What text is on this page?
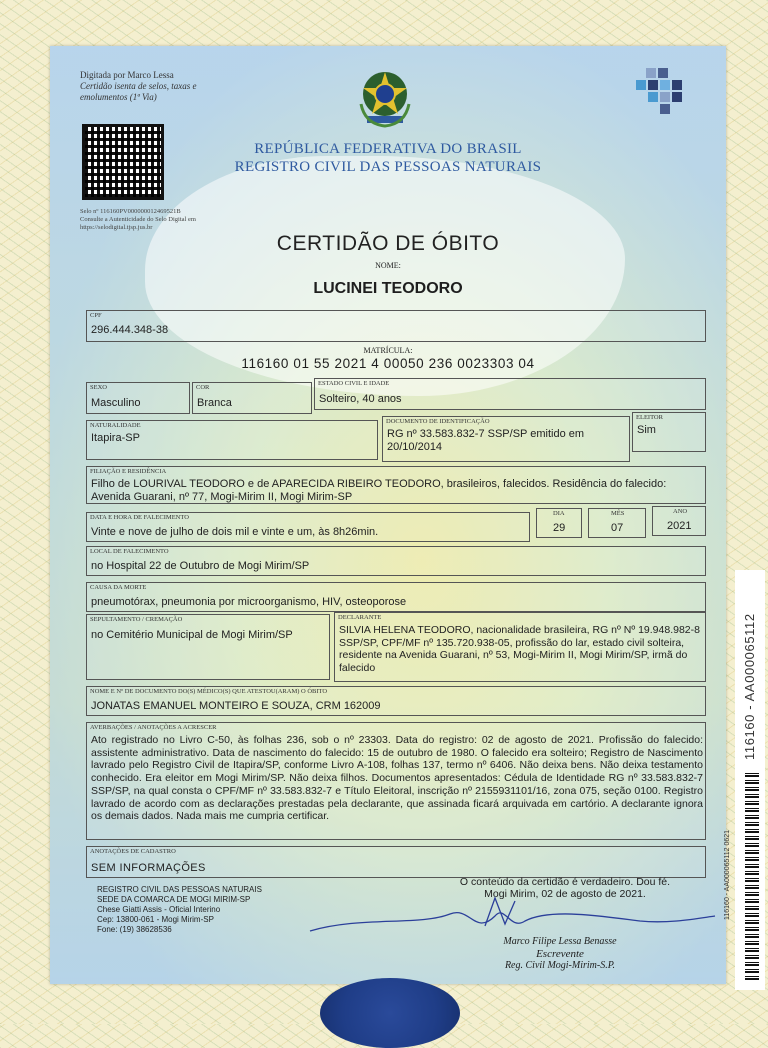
Digitada por Marco Lessa
Certidão isenta de selos, taxas e
emolumentos (1ª Via)
Selo nº 116160PV000000012469521B
Consulte a Autenticidade do Selo Digital em
https://selodigital.tjsp.jus.br
REPÚBLICA FEDERATIVA DO BRASIL
REGISTRO CIVIL DAS PESSOAS NATURAIS
CERTIDÃO DE ÓBITO
NOME:
LUCINEI TEODORO
CPF
296.444.348-38
MATRÍCULA:
116160 01 55 2021 4 00050 236 0023303 04
SEXO
Masculino
COR
Branca
ESTADO CIVIL E IDADE
Solteiro, 40 anos
NATURALIDADE
Itapira-SP
DOCUMENTO DE IDENTIFICAÇÃO
RG nº 33.583.832-7 SSP/SP emitido em 20/10/2014
ELEITOR
Sim
FILIAÇÃO E RESIDÊNCIA
Filho de LOURIVAL TEODORO e de APARECIDA RIBEIRO TEODORO, brasileiros, falecidos. Residência do falecido: Avenida Guarani, nº 77, Mogi-Mirim II, Mogi Mirim-SP
DATA E HORA DE FALECIMENTO
Vinte e nove de julho de dois mil e vinte e um, às 8h26min.
DIA
29
MÊS
07
ANO
2021
LOCAL DE FALECIMENTO
no Hospital 22 de Outubro de Mogi Mirim/SP
CAUSA DA MORTE
pneumotórax, pneumonia por microorganismo, HIV, osteoporose
SEPULTAMENTO / CREMAÇÃO
no Cemitério Municipal de Mogi Mirim/SP
DECLARANTE
SILVIA HELENA TEODORO, nacionalidade brasileira, RG nº Nº 19.948.982-8 SSP/SP, CPF/MF nº 135.720.938-05, profissão do lar, estado civil solteira, residente na Avenida Guarani, nº 53, Mogi-Mirim II, Mogi Mirim/SP, irmã do falecido
NOME E Nº DE DOCUMENTO DO(S) MÉDICO(S) QUE ATESTOU(ARAM) O ÓBITO
JONATAS EMANUEL MONTEIRO E SOUZA, CRM 162009
AVERBAÇÕES / ANOTAÇÕES A ACRESCER
Ato registrado no Livro C-50, às folhas 236, sob o nº 23303. Data do registro: 02 de agosto de 2021. Profissão do falecido: assistente administrativo. Data de nascimento do falecido: 15 de outubro de 1980. O falecido era solteiro; Registro de Nascimento lavrado pelo Registro Civil de Itapira/SP, conforme Livro A-108, folhas 137, termo nº 6406. Não deixa bens. Não deixa testamento conhecido. Era eleitor em Mogi Mirim/SP. Não deixa filhos. Documentos apresentados: Cédula de Identidade RG nº 33.583.832-7 SSP/SP, na qual consta o CPF/MF nº 33.583.832-7 e Título Eleitoral, inscrição nº 2155931101/16, zona 075, seção 0100. Registro lavrado de acordo com as declarações prestadas pela declarante, que assinada ficará arquivada em cartório. A declarante ignora os demais dados. Nada mais me cumpria certificar.
ANOTAÇÕES DE CADASTRO
SEM INFORMAÇÕES
REGISTRO CIVIL DAS PESSOAS NATURAIS
SEDE DA COMARCA DE MOGI MIRIM-SP
Chese Giatti Assis - Oficial Interino
Cep: 13800-061 - Mogi Mirim-SP
Fone: (19) 38628536
O conteúdo da certidão é verdadeiro. Dou fé.
Mogi Mirim, 02 de agosto de 2021.
Marco Filipe Lessa Benasse
Escrevente
Reg. Civil Mogi-Mirim-S.P.
116160 - AA000065112
116160 - AA000065112 0621
